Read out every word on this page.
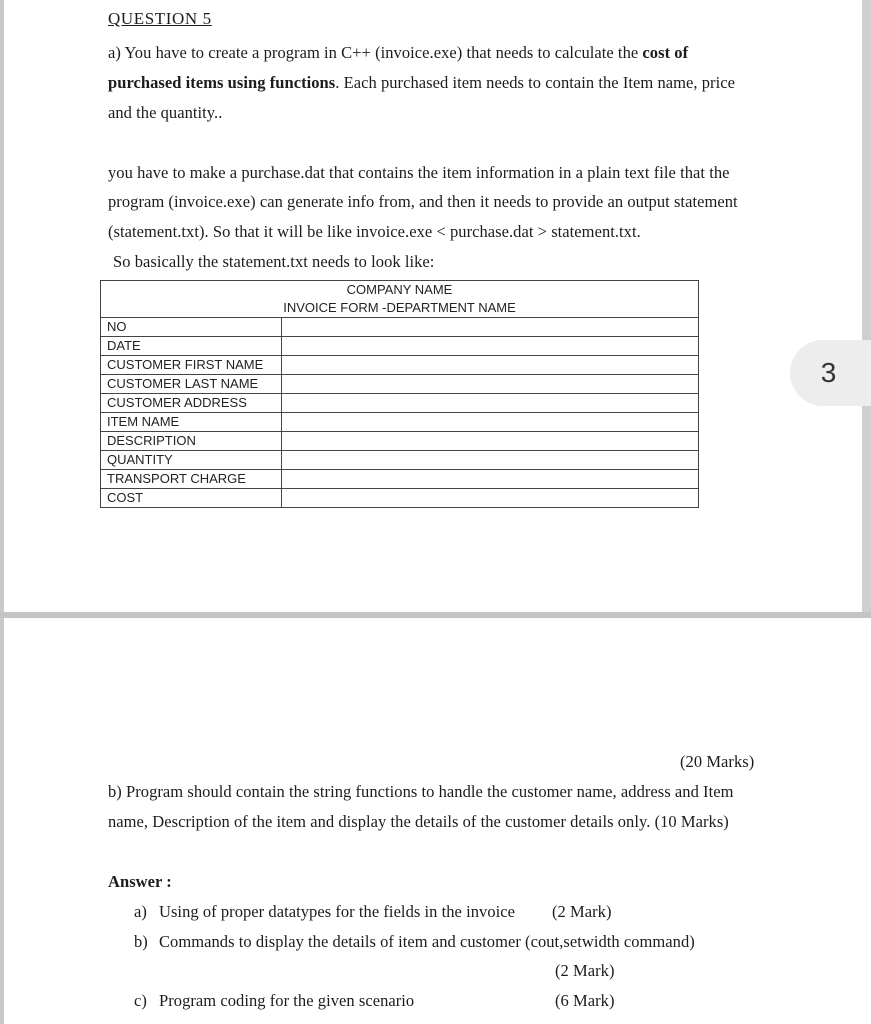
QUESTION 5
a) You have to create a program in C++ (invoice.exe) that needs to calculate the cost of
purchased items using functions. Each purchased item needs to contain the Item name, price
and the quantity..
you have to make a purchase.dat that contains the item information in a plain text file that the
program (invoice.exe) can generate info from, and then it needs to provide an output statement
(statement.txt). So that it will be like invoice.exe < purchase.dat > statement.txt.
So basically the statement.txt needs to look like:
COMPANY NAME	
INVOICE FORM -DEPARTMENT NAME	
NO	
DATE	
CUSTOMER FIRST NAME	
CUSTOMER LAST NAME	
CUSTOMER ADDRESS	
ITEM NAME	
DESCRIPTION	
QUANTITY	
TRANSPORT CHARGE	
COST	
3
(20 Marks)
b) Program should contain the string functions to handle the customer name, address and Item
name, Description of the item and display the details of the customer details only. (10 Marks)
Answer :
a) Using of proper datatypes for the fields in the invoice (2 Mark)
b) Commands to display the details of item and customer (cout,setwidth command)
(2 Mark)
c) Program coding for the given scenario	(6 Mark)
